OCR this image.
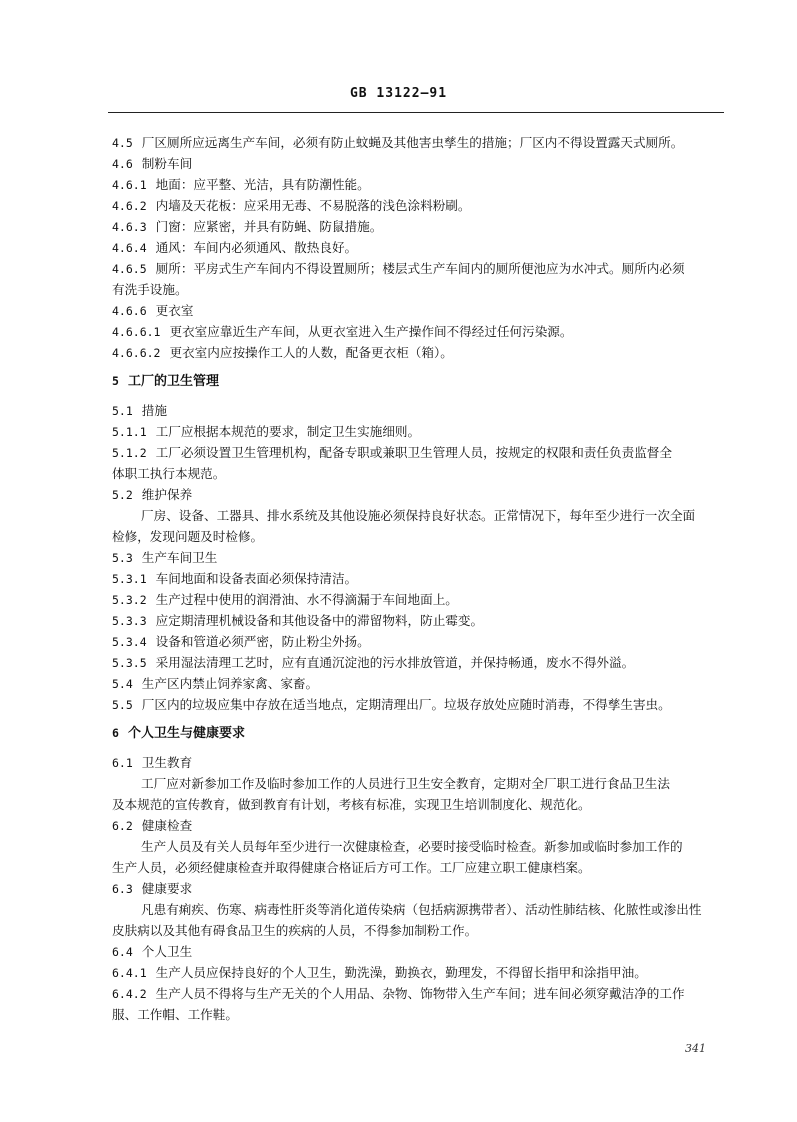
GB 13122—91
4.5 厂区厕所应远离生产车间，必须有防止蚊蝇及其他害虫孳生的措施；厂区内不得设置露天式厕所。
4.6 制粉车间
4.6.1 地面：应平整、光洁，具有防潮性能。
4.6.2 内墙及天花板：应采用无毒、不易脱落的浅色涂料粉刷。
4.6.3 门窗：应紧密，并具有防蝇、防鼠措施。
4.6.4 通风：车间内必须通风、散热良好。
4.6.5 厕所：平房式生产车间内不得设置厕所；楼层式生产车间内的厕所便池应为水冲式。厕所内必须
有洗手设施。
4.6.6 更衣室
4.6.6.1 更衣室应靠近生产车间，从更衣室进入生产操作间不得经过任何污染源。
4.6.6.2 更衣室内应按操作工人的人数，配备更衣柜（箱）。
5 工厂的卫生管理
5.1 措施
5.1.1 工厂应根据本规范的要求，制定卫生实施细则。
5.1.2 工厂必须设置卫生管理机构，配备专职或兼职卫生管理人员，按规定的权限和责任负责监督全
体职工执行本规范。
5.2 维护保养
厂房、设备、工器具、排水系统及其他设施必须保持良好状态。正常情况下，每年至少进行一次全面
检修，发现问题及时检修。
5.3 生产车间卫生
5.3.1 车间地面和设备表面必须保持清洁。
5.3.2 生产过程中使用的润滑油、水不得滴漏于车间地面上。
5.3.3 应定期清理机械设备和其他设备中的滞留物料，防止霉变。
5.3.4 设备和管道必须严密，防止粉尘外扬。
5.3.5 采用湿法清理工艺时，应有直通沉淀池的污水排放管道，并保持畅通，废水不得外溢。
5.4 生产区内禁止饲养家禽、家畜。
5.5 厂区内的垃圾应集中存放在适当地点，定期清理出厂。垃圾存放处应随时消毒，不得孳生害虫。
6 个人卫生与健康要求
6.1 卫生教育
工厂应对新参加工作及临时参加工作的人员进行卫生安全教育，定期对全厂职工进行食品卫生法
及本规范的宣传教育，做到教育有计划，考核有标准，实现卫生培训制度化、规范化。
6.2 健康检查
生产人员及有关人员每年至少进行一次健康检查，必要时接受临时检查。新参加或临时参加工作的
生产人员，必须经健康检查并取得健康合格证后方可工作。工厂应建立职工健康档案。
6.3 健康要求
凡患有痢疾、伤寒、病毒性肝炎等消化道传染病（包括病源携带者）、活动性肺结核、化脓性或渗出性
皮肤病以及其他有碍食品卫生的疾病的人员，不得参加制粉工作。
6.4 个人卫生
6.4.1 生产人员应保持良好的个人卫生，勤洗澡，勤换衣，勤理发，不得留长指甲和涂指甲油。
6.4.2 生产人员不得将与生产无关的个人用品、杂物、饰物带入生产车间；进车间必须穿戴洁净的工作
服、工作帽、工作鞋。
341
